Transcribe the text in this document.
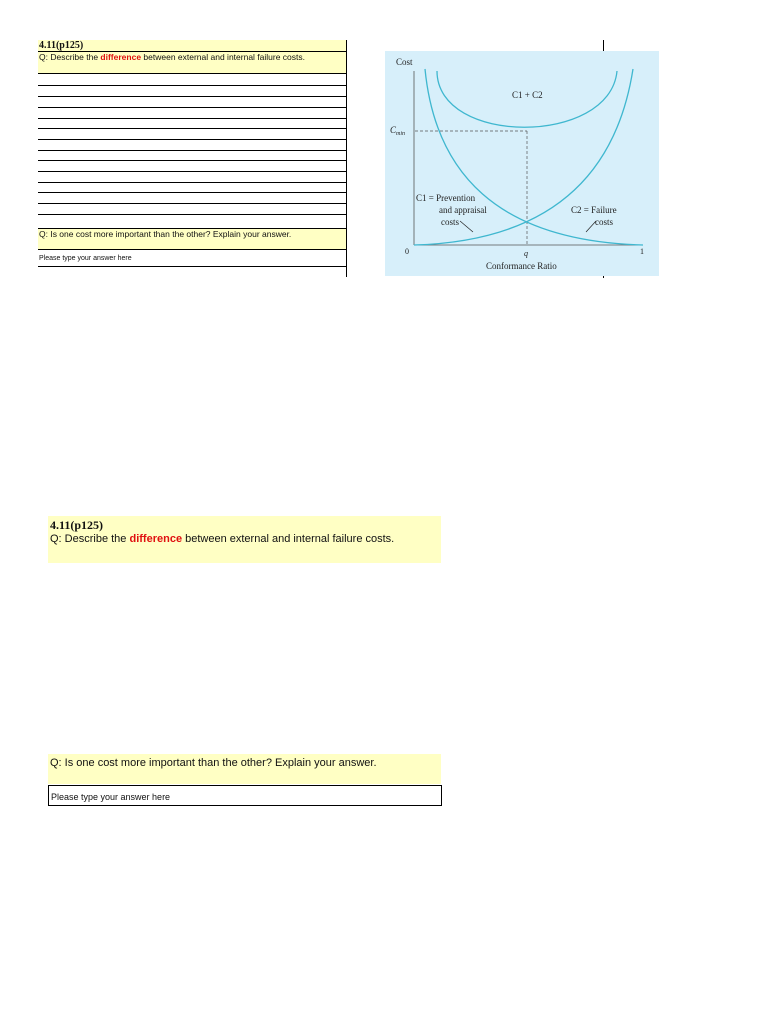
4.11(p125)
Q: Describe the difference between external and internal failure costs.
Q: Is one cost more important than the other? Explain your answer.
Please type your answer here
Cost
Conformance Ratio
$C_{min}$
C1 + C2
C1 = Prevention
and appraisal
costs
C2 = Failure
costs
0	q	1
4.11(p125)
Q: Describe the difference between external and internal failure costs.
Q: Is one cost more important than the other? Explain your answer.
Please type your answer here
